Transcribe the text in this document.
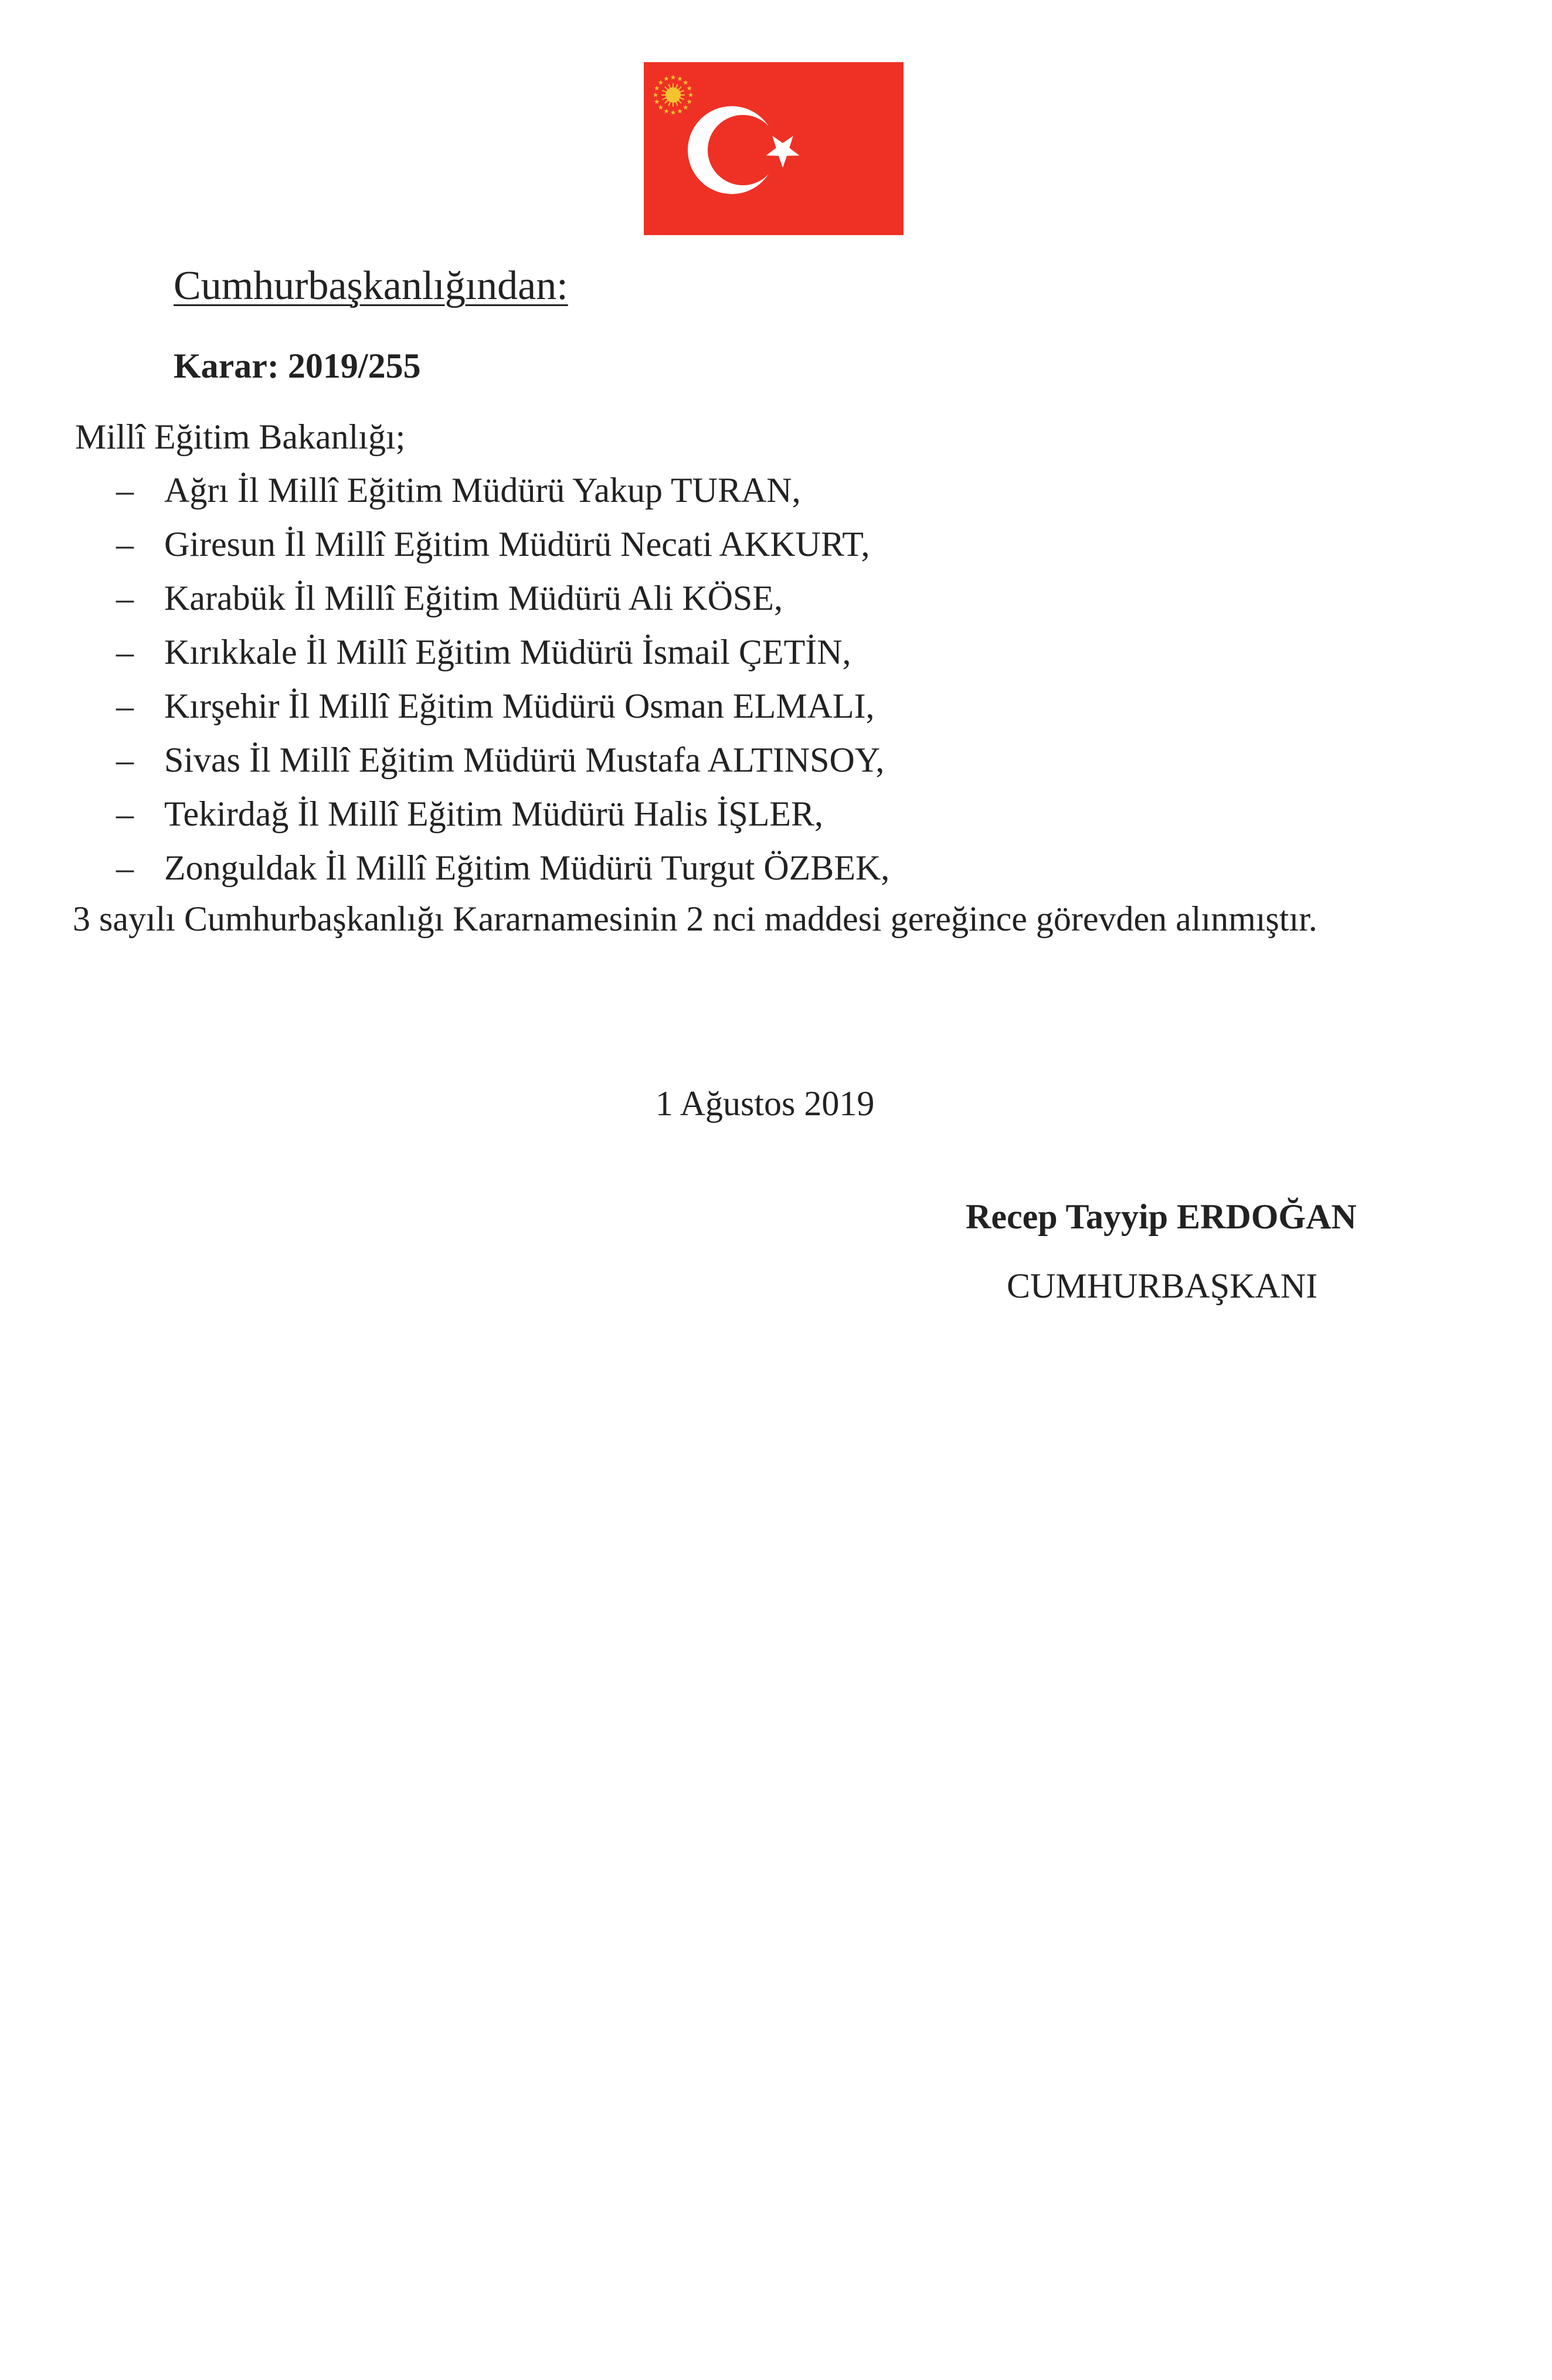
Cumhurbaşkanlığından:
Karar: 2019/255
Millî Eğitim Bakanlığı;
– Ağrı İl Millî Eğitim Müdürü Yakup TURAN,
– Giresun İl Millî Eğitim Müdürü Necati AKKURT,
– Karabük İl Millî Eğitim Müdürü Ali KÖSE,
– Kırıkkale İl Millî Eğitim Müdürü İsmail ÇETİN,
– Kırşehir İl Millî Eğitim Müdürü Osman ELMALI,
– Sivas İl Millî Eğitim Müdürü Mustafa ALTINSOY,
– Tekirdağ İl Millî Eğitim Müdürü Halis İŞLER,
– Zonguldak İl Millî Eğitim Müdürü Turgut ÖZBEK,
3 sayılı Cumhurbaşkanlığı Kararnamesinin 2 nci maddesi gereğince görevden alınmıştır.
1 Ağustos 2019
Recep Tayyip ERDOĞAN
CUMHURBAŞKANI
